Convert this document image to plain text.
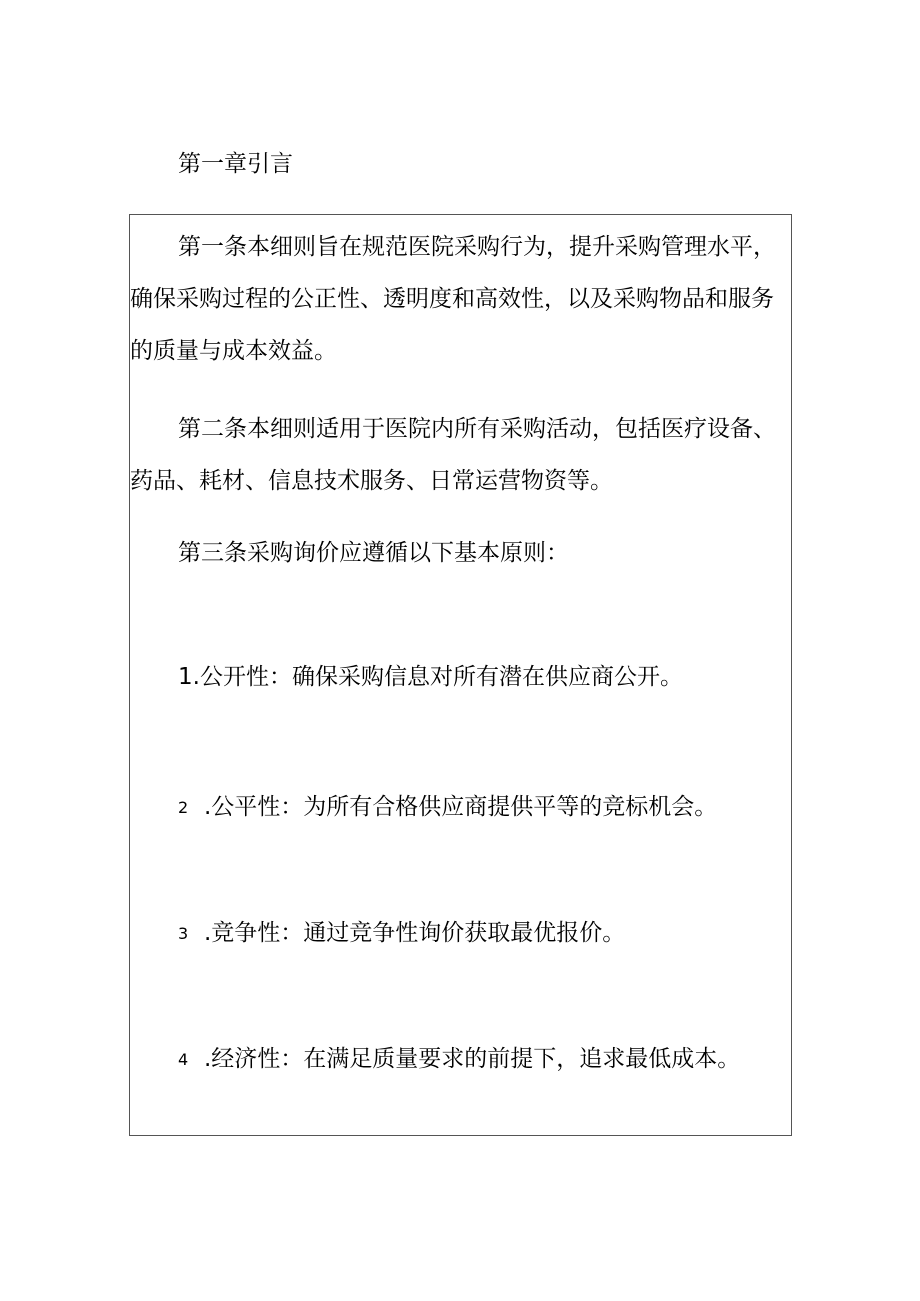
第一章引言
第一条本细则旨在规范医院采购行为，提升采购管理水平，
确保采购过程的公正性、透明度和高效性，以及采购物品和服务
的质量与成本效益。
第二条本细则适用于医院内所有采购活动，包括医疗设备、
药品、耗材、信息技术服务、日常运营物资等。
第三条采购询价应遵循以下基本原则：
1.公开性：确保采购信息对所有潜在供应商公开。
2 .公平性：为所有合格供应商提供平等的竞标机会。
3 .竞争性：通过竞争性询价获取最优报价。
4 .经济性：在满足质量要求的前提下，追求最低成本。
